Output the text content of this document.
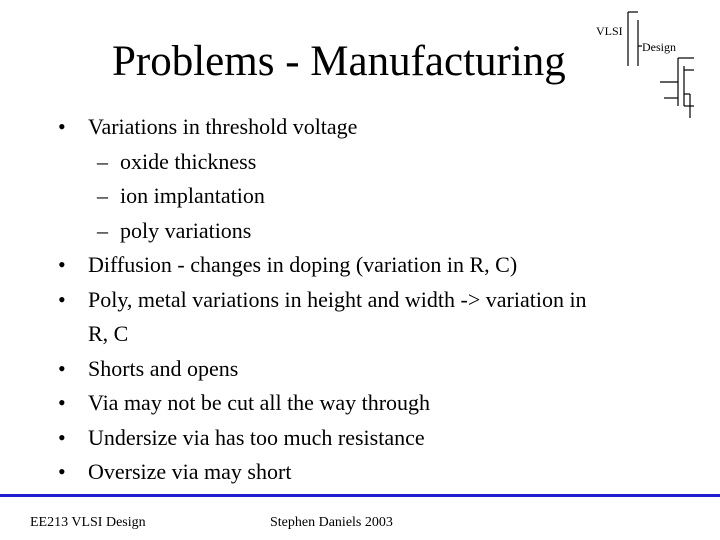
Problems - Manufacturing
VLSI
Design
• Variations in threshold voltage
– oxide thickness
– ion implantation
– poly variations
• Diffusion - changes in doping (variation in R, C)
• Poly, metal variations in height and width -> variation in
R, C
• Shorts and opens
• Via may not be cut all the way through
• Undersize via has too much resistance
• Oversize via may short
EE213 VLSI Design	Stephen Daniels 2003
